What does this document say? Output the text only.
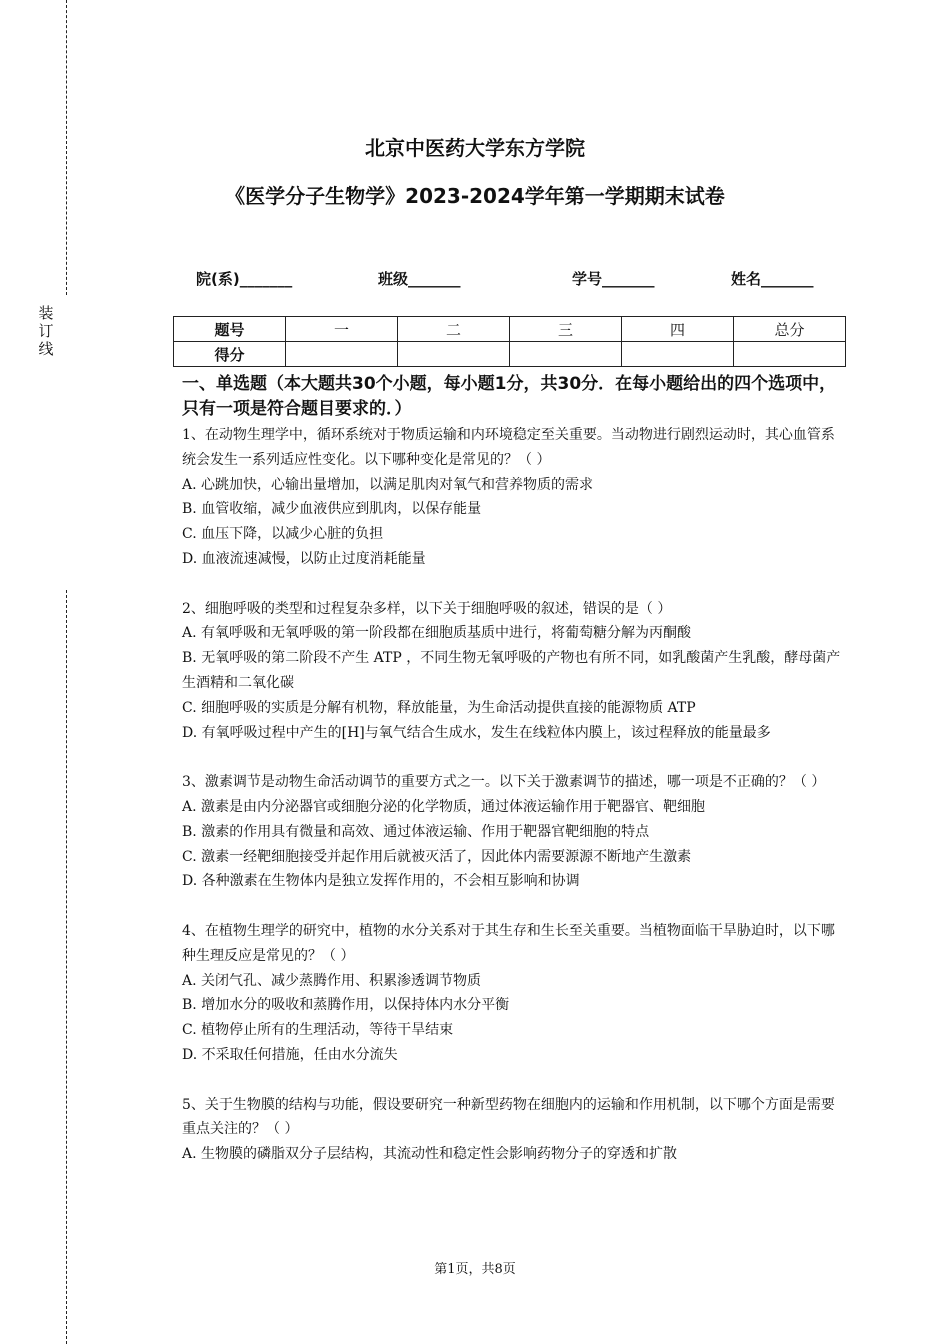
装
订
线
北京中医药大学东方学院
《医学分子生物学》2023-2024学年第一学期期末试卷
院(系)_______	班级_______	学号_______	姓名_______
题号	一	二	三	四	总分
得分					
一、单选题（本大题共30个小题，每小题1分，共30分．在每小题给出的四个选项中，只有一项是符合题目要求的．）

1、在动物生理学中，循环系统对于物质运输和内环境稳定至关重要。当动物进行剧烈运动时，其心血管系统会发生一系列适应性变化。以下哪种变化是常见的？（ ）

A. 心跳加快，心输出量增加，以满足肌肉对氧气和营养物质的需求

B. 血管收缩，减少血液供应到肌肉，以保存能量

C. 血压下降，以减少心脏的负担

D. 血液流速减慢，以防止过度消耗能量

2、细胞呼吸的类型和过程复杂多样，以下关于细胞呼吸的叙述，错误的是（ ）

A. 有氧呼吸和无氧呼吸的第一阶段都在细胞质基质中进行，将葡萄糖分解为丙酮酸

B. 无氧呼吸的第二阶段不产生 ATP ，不同生物无氧呼吸的产物也有所不同，如乳酸菌产生乳酸，酵母菌产生酒精和二氧化碳

C. 细胞呼吸的实质是分解有机物，释放能量，为生命活动提供直接的能源物质 ATP

D. 有氧呼吸过程中产生的[H]与氧气结合生成水，发生在线粒体内膜上，该过程释放的能量最多

3、激素调节是动物生命活动调节的重要方式之一。以下关于激素调节的描述，哪一项是不正确的？（ ）

A. 激素是由内分泌器官或细胞分泌的化学物质，通过体液运输作用于靶器官、靶细胞

B. 激素的作用具有微量和高效、通过体液运输、作用于靶器官靶细胞的特点

C. 激素一经靶细胞接受并起作用后就被灭活了，因此体内需要源源不断地产生激素

D. 各种激素在生物体内是独立发挥作用的，不会相互影响和协调

4、在植物生理学的研究中，植物的水分关系对于其生存和生长至关重要。当植物面临干旱胁迫时，以下哪种生理反应是常见的？（ ）

A. 关闭气孔、减少蒸腾作用、积累渗透调节物质

B. 增加水分的吸收和蒸腾作用，以保持体内水分平衡

C. 植物停止所有的生理活动，等待干旱结束

D. 不采取任何措施，任由水分流失

5、关于生物膜的结构与功能，假设要研究一种新型药物在细胞内的运输和作用机制，以下哪个方面是需要重点关注的？（ ）

A. 生物膜的磷脂双分子层结构，其流动性和稳定性会影响药物分子的穿透和扩散

第1页，共8页
